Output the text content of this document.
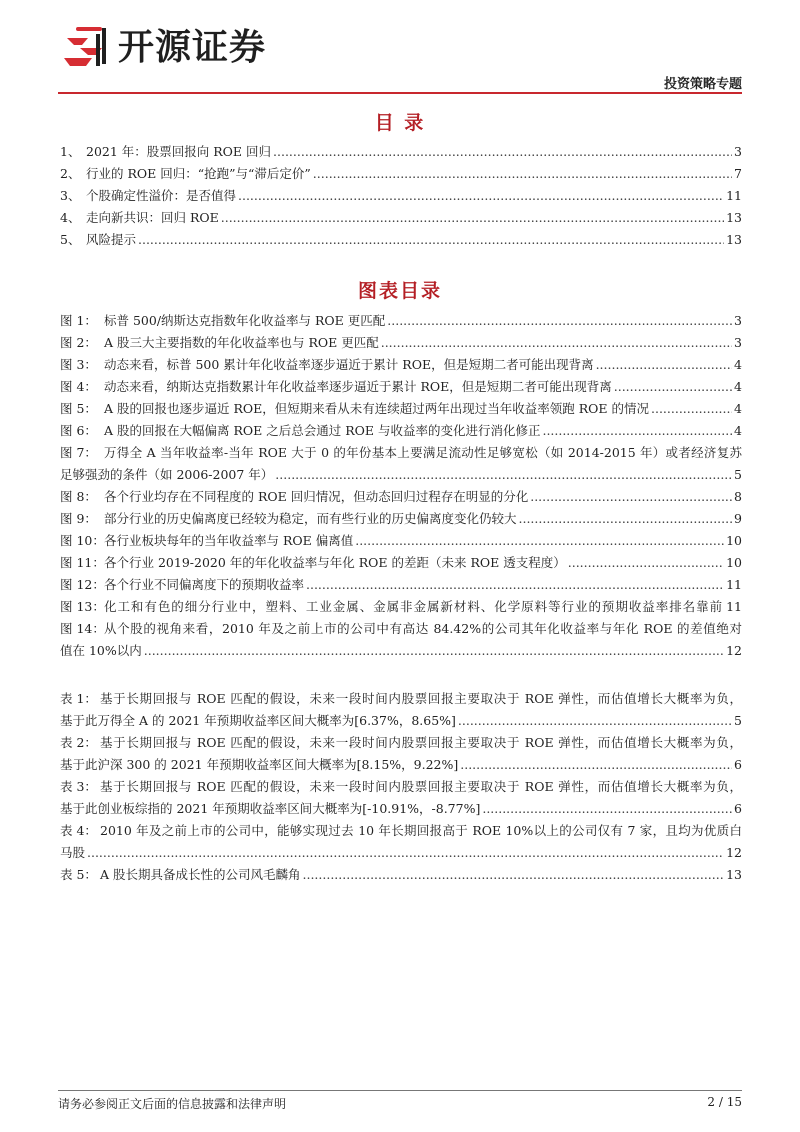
开源证券
投资策略专题
目 录
1、 2021 年：股票回报向 ROE 回归 .....	3
2、 行业的 ROE 回归：“抢跑”与“滞后定价” .....	7
3、 个股确定性溢价：是否值得 .....	11
4、 走向新共识：回归 ROE .....	13
5、 风险提示 .....	13
图表目录
图 1： 标普 500/纳斯达克指数年化收益率与 ROE 更匹配 .....	3
图 2： A 股三大主要指数的年化收益率也与 ROE 更匹配 .....	3
图 3： 动态来看，标普 500 累计年化收益率逐步逼近于累计 ROE，但是短期二者可能出现背离 .....	4
图 4： 动态来看，纳斯达克指数累计年化收益率逐步逼近于累计 ROE，但是短期二者可能出现背离 .....	4
图 5： A 股的回报也逐步逼近 ROE，但短期来看从未有连续超过两年出现过当年收益率领跑 ROE 的情况 .....	4
图 6： A 股的回报在大幅偏离 ROE 之后总会通过 ROE 与收益率的变化进行消化修正 .....	4
图 7： 万得全 A 当年收益率-当年 ROE 大于 0 的年份基本上要满足流动性足够宽松（如 2014-2015 年）或者经济复苏
足够强劲的条件（如 2006-2007 年） .....	5
图 8： 各个行业均存在不同程度的 ROE 回归情况，但动态回归过程存在明显的分化 .....	8
图 9： 部分行业的历史偏离度已经较为稳定，而有些行业的历史偏离度变化仍较大 .....	9
图 10： 各行业板块每年的当年收益率与 ROE 偏离值 .....	10
图 11： 各个行业 2019-2020 年的年化收益率与年化 ROE 的差距（未来 ROE 透支程度） .....	10
图 12： 各个行业不同偏离度下的预期收益率 .....	11
图 13： 化工和有色的细分行业中，塑料、工业金属、金属非金属新材料、化学原料等行业的预期收益率排名靠前 11
图 14： 从个股的视角来看，2010 年及之前上市的公司中有高达 84.42%的公司其年化收益率与年化 ROE 的差值绝对
值在 10%以内 .....	12
表 1： 基于长期回报与 ROE 匹配的假设，未来一段时间内股票回报主要取决于 ROE 弹性，而估值增长大概率为负，
基于此万得全 A 的 2021 年预期收益率区间大概率为[6.37%，8.65%] .....	5
表 2： 基于长期回报与 ROE 匹配的假设，未来一段时间内股票回报主要取决于 ROE 弹性，而估值增长大概率为负，
基于此沪深 300 的 2021 年预期收益率区间大概率为[8.15%，9.22%] .....	6
表 3： 基于长期回报与 ROE 匹配的假设，未来一段时间内股票回报主要取决于 ROE 弹性，而估值增长大概率为负，
基于此创业板综指的 2021 年预期收益率区间大概率为[-10.91%，-8.77%] .....	6
表 4： 2010 年及之前上市的公司中，能够实现过去 10 年长期回报高于 ROE 10%以上的公司仅有 7 家，且均为优质白
马股 .....	12
表 5： A 股长期具备成长性的公司风毛麟角 .....	13
请务必参阅正文后面的信息披露和法律声明	2 / 15
